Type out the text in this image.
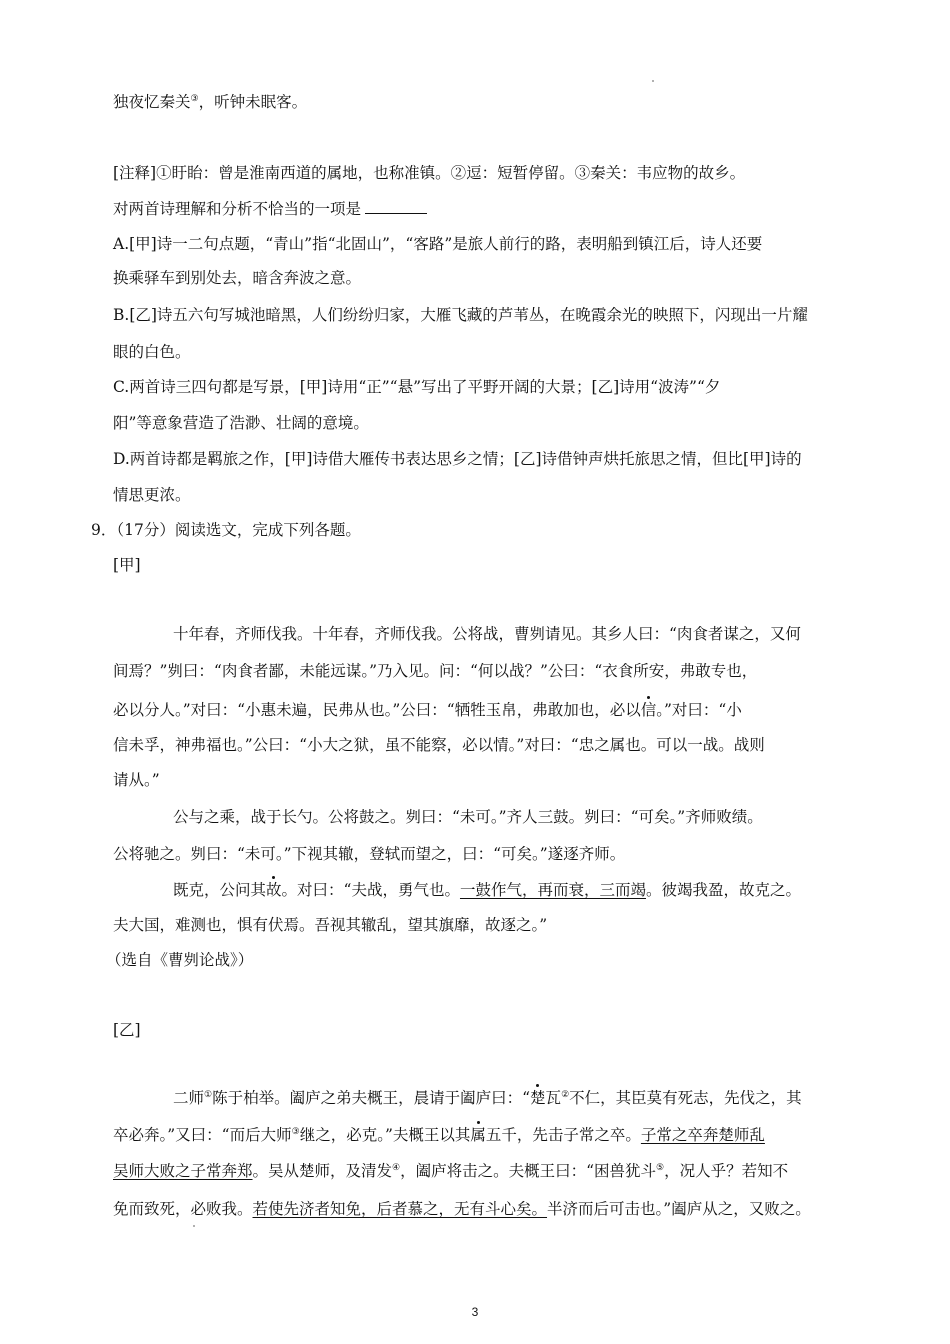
独夜忆秦关③，听钟未眠客。
[注释]①盱眙：曾是淮南西道的属地，也称准镇。②逗：短暂停留。③秦关：韦应物的故乡。
对两首诗理解和分析不恰当的一项是
A.[甲]诗一二句点题，“青山”指“北固山”，“客路”是旅人前行的路，表明船到镇江后，诗人还要
换乘驿车到别处去，暗含奔波之意。
B.[乙]诗五六句写城池暗黑，人们纷纷归家，大雁飞藏的芦苇丛，在晚霞余光的映照下，闪现出一片耀
眼的白色。
C.两首诗三四句都是写景，[甲]诗用“正”“悬”写出了平野开阔的大景；[乙]诗用“波涛”“夕
阳”等意象营造了浩渺、壮阔的意境。
D.两首诗都是羁旅之作，[甲]诗借大雁传书表达思乡之情；[乙]诗借钟声烘托旅思之情，但比[甲]诗的
情思更浓。
9．（17分）阅读选文，完成下列各题。
[甲]
十年春，齐师伐我。十年春，齐师伐我。公将战，曹刿请见。其乡人曰：“肉食者谋之，又何
间焉？”刿曰：“肉食者鄙，未能远谋。”乃入见。问：“何以战？”公曰：“衣食所安，弗敢专也，
必以分人。”对曰：“小惠未遍，民弗从也。”公曰：“牺牲玉帛，弗敢加也，必以信。”对曰：“小
信未孚，神弗福也。”公曰：“小大之狱，虽不能察，必以情。”对曰：“忠之属也。可以一战。战则
请从。”
公与之乘，战于长勺。公将鼓之。刿曰：“未可。”齐人三鼓。刿曰：“可矣。”齐师败绩。
公将驰之。刿曰：“未可。”下视其辙，登轼而望之，曰：“可矣。”遂逐齐师。
既克，公问其故。对曰：“夫战，勇气也。一鼓作气，再而衰，三而竭。彼竭我盈，故克之。
夫大国，难测也，惧有伏焉。吾视其辙乱，望其旗靡，故逐之。”
（选自《曹刿论战》）
[乙]
二师①陈于柏举。阖庐之弟夫概王，晨请于阖庐曰：“楚瓦②不仁，其臣莫有死志，先伐之，其
卒必奔。”又曰：“而后大师③继之，必克。”夫概王以其属五千，先击子常之卒。子常之卒奔楚师乱
吴师大败之子常奔郑。吴从楚师，及清发④，阖庐将击之。夫概王曰：“困兽犹斗⑤，况人乎？若知不
免而致死，必败我。若使先济者知免，后者慕之，无有斗心矣。半济而后可击也。”阖庐从之，又败之。
3
